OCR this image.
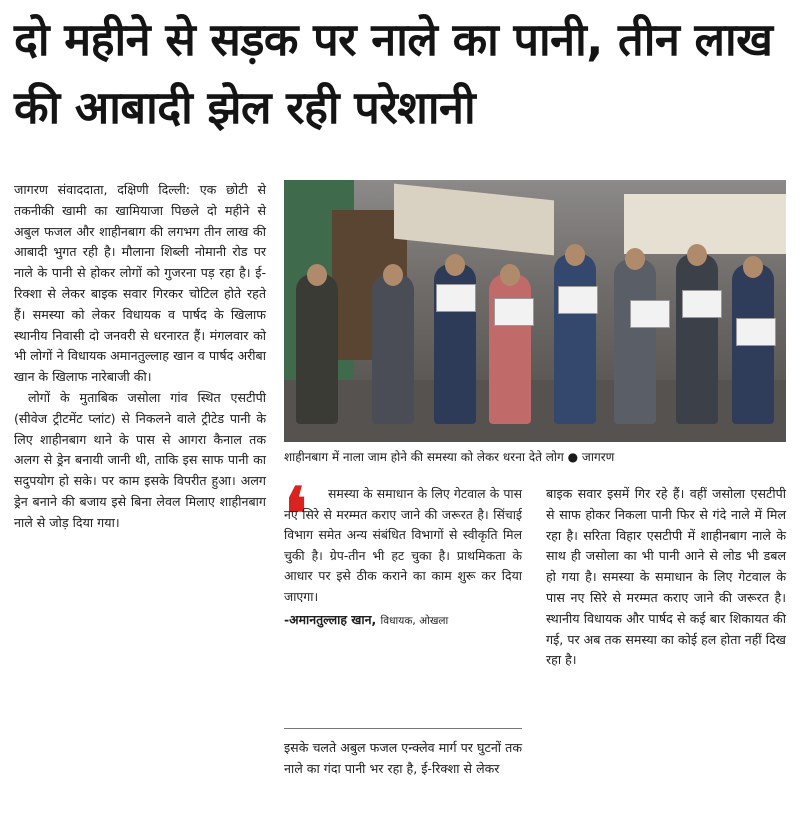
दो महीने से सड़क पर नाले का पानी, तीन लाख की आबादी झेल रही परेशानी

जागरण संवाददाता, दक्षिणी दिल्ली: एक छोटी से तकनीकी खामी का खामियाजा पिछले दो महीने से अबुल फजल और शाहीनबाग की लगभग तीन लाख की आबादी भुगत रही है। मौलाना शिब्ली नोमानी रोड पर नाले के पानी से होकर लोगों को गुजरना पड़ रहा है। ई-रिक्शा से लेकर बाइक सवार गिरकर चोटिल होते रहते हैं। समस्या को लेकर विधायक व पार्षद के खिलाफ स्थानीय निवासी दो जनवरी से धरनारत हैं। मंगलवार को भी लोगों ने विधायक अमानतुल्लाह खान व पार्षद अरीबा खान के खिलाफ नारेबाजी की।

लोगों के मुताबिक जसोला गांव स्थित एसटीपी (सीवेज ट्रीटमेंट प्लांट) से निकलने वाले ट्रीटेड पानी के लिए शाहीनबाग थाने के पास से आगरा कैनाल तक अलग से ड्रेन बनायी जानी थी, ताकि इस साफ पानी का सदुपयोग हो सके। पर काम इसके विपरीत हुआ। अलग ड्रेन बनाने की बजाय इसे बिना लेवल मिलाए शाहीनबाग नाले से जोड़ दिया गया।

शाहीनबाग में नाला जाम होने की समस्या को लेकर धरना देते लोग ● जागरण
❛	समस्या के समाधान के लिए गेटवाल के पास नए सिरे से मरम्मत कराए जाने की जरूरत है। सिंचाई विभाग समेत अन्य संबंधित विभागों से स्वीकृति मिल चुकी है। ग्रेप-तीन भी हट चुका है। प्राथमिकता के आधार पर इसे ठीक कराने का काम शुरू कर दिया जाएगा।
-अमानतुल्लाह खान, विधायक, ओखला
इसके चलते अबुल फजल एन्क्लेव मार्ग पर घुटनों तक नाले का गंदा पानी भर रहा है, ई-रिक्शा से लेकर
बाइक सवार इसमें गिर रहे हैं। वहीं जसोला एसटीपी से साफ होकर निकला पानी फिर से गंदे नाले में मिल रहा है। सरिता विहार एसटीपी में शाहीनबाग नाले के साथ ही जसोला का भी पानी आने से लोड भी डबल हो गया है। समस्या के समाधान के लिए गेटवाल के पास नए सिरे से मरम्मत कराए जाने की जरूरत है। स्थानीय विधायक और पार्षद से कई बार शिकायत की गई, पर अब तक समस्या का कोई हल होता नहीं दिख रहा है।
